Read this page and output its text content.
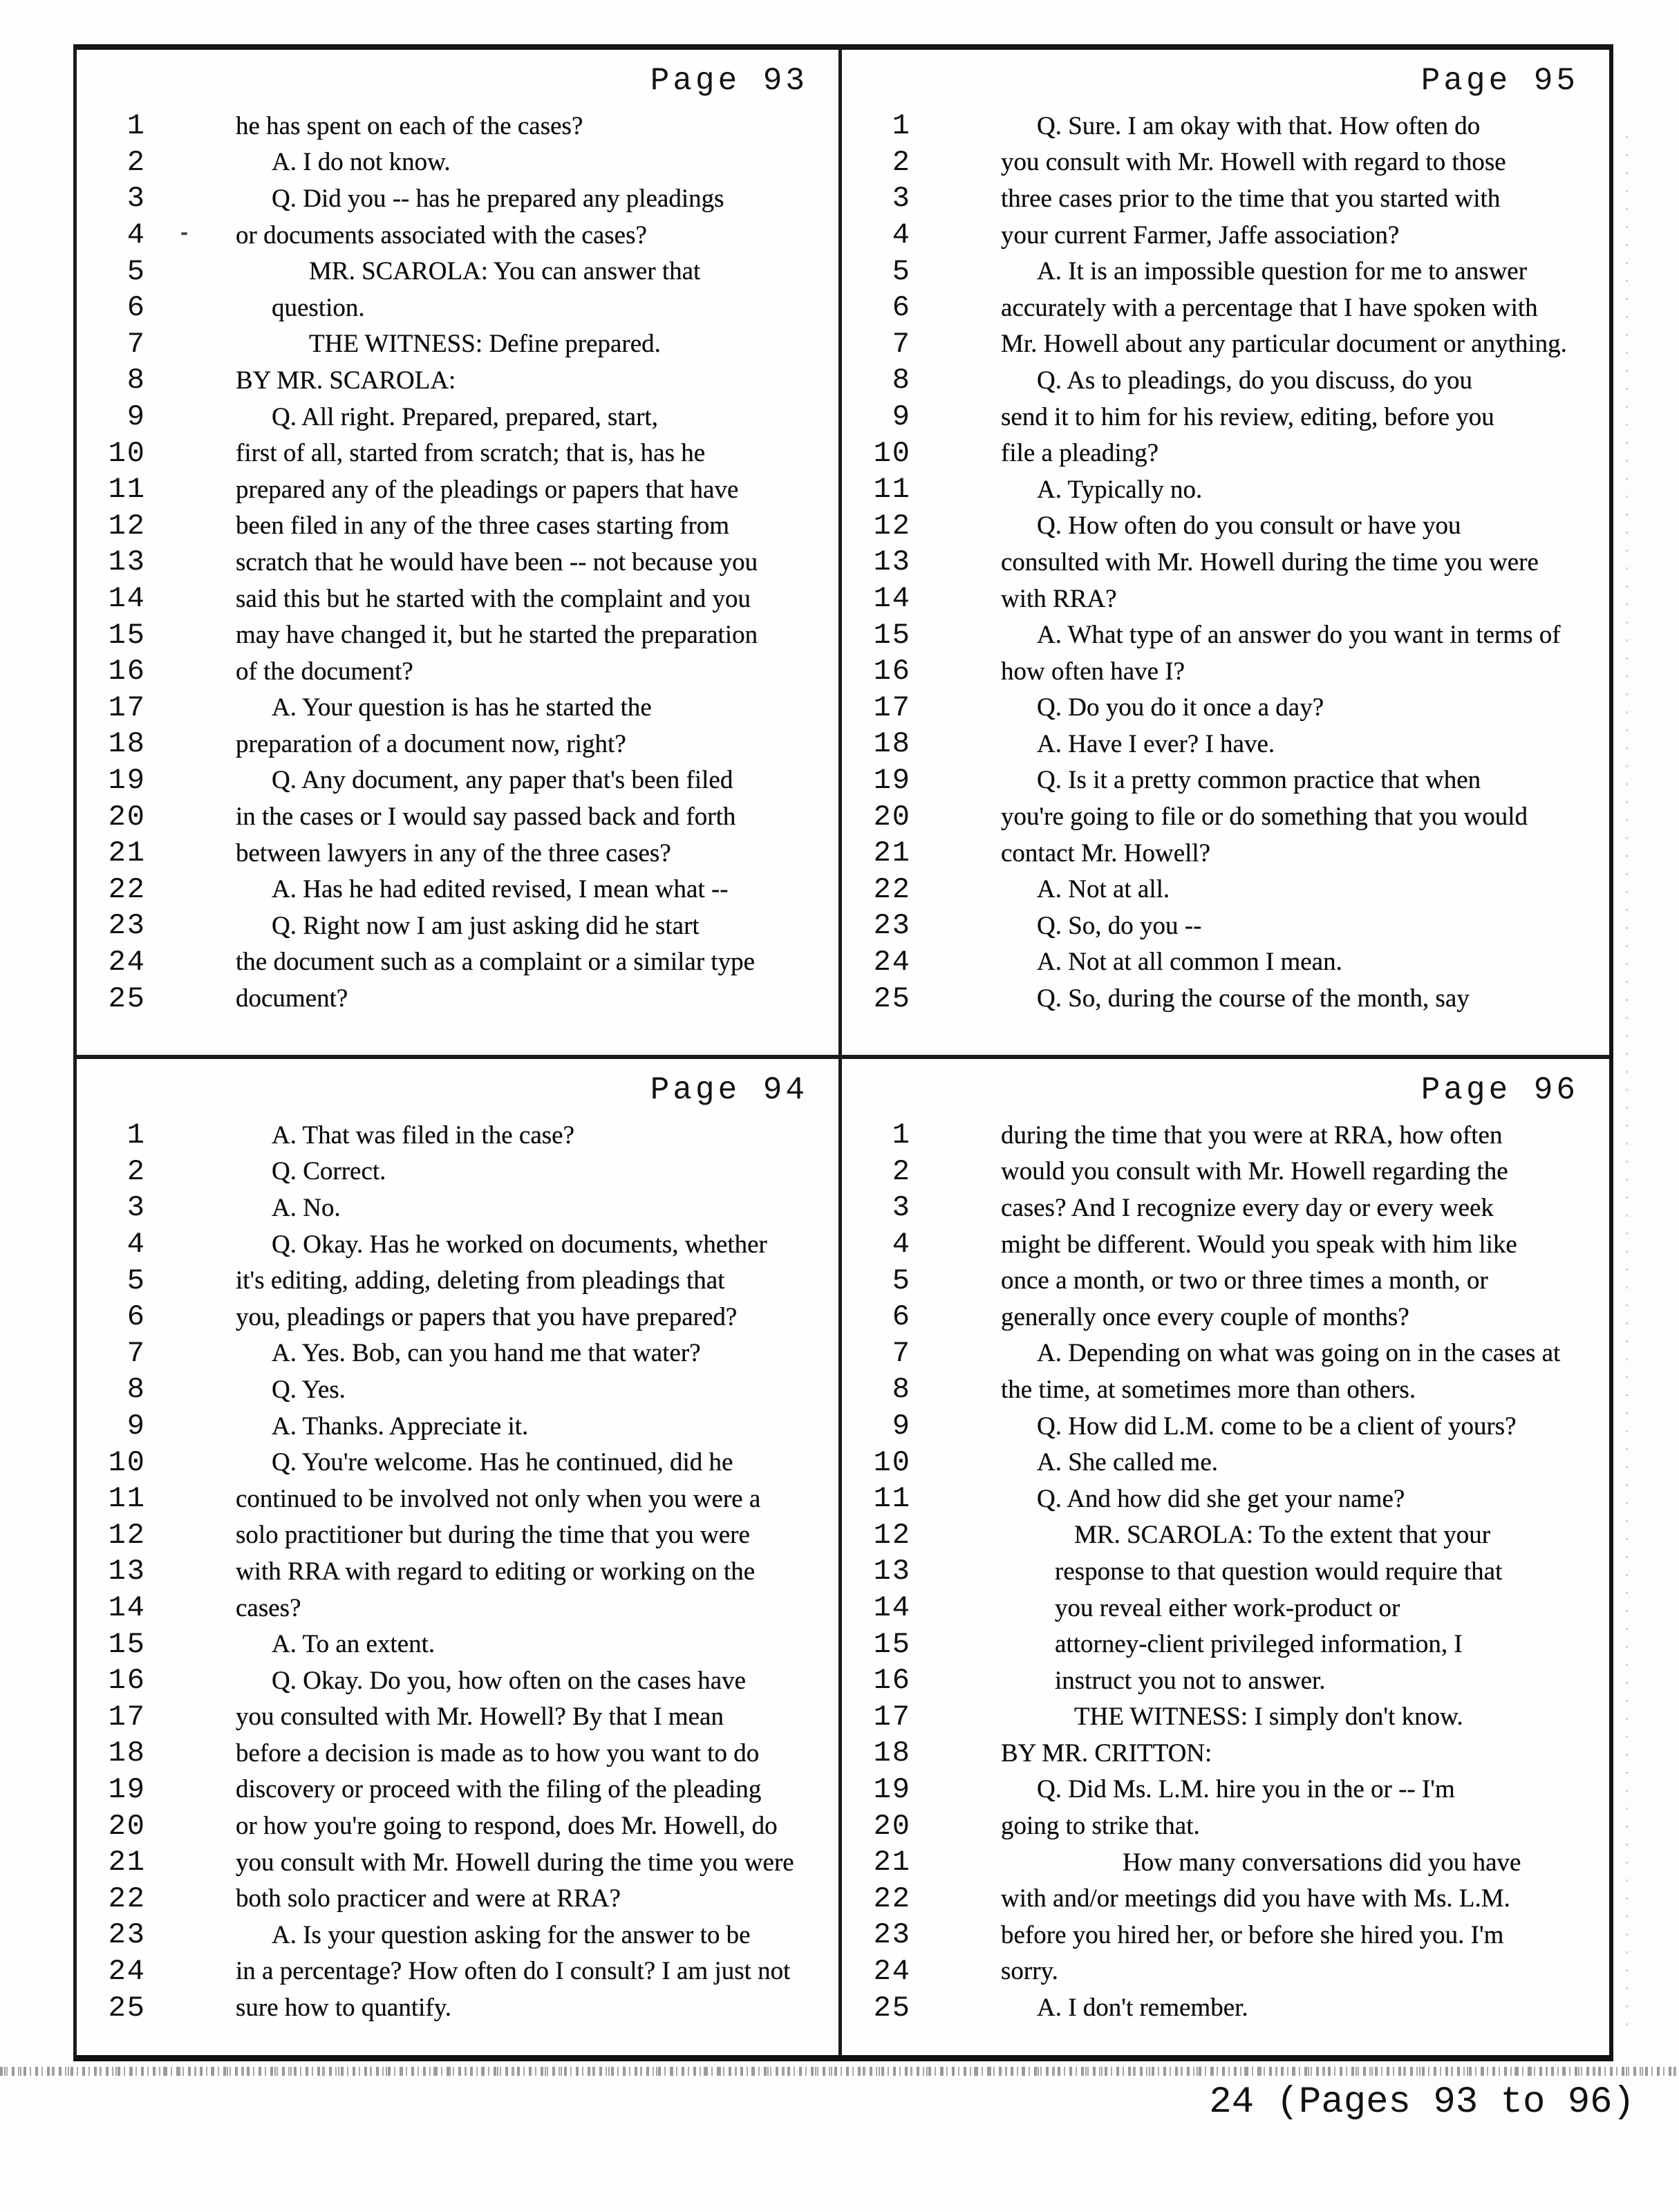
Page 93
1	he has spent on each of the cases?
2	A. I do not know.
3	Q. Did you -- has he prepared any pleadings
4	or documents associated with the cases?
5	MR. SCAROLA: You can answer that
6	question.
7	THE WITNESS: Define prepared.
8	BY MR. SCAROLA:
9	Q. All right. Prepared, prepared, start,
10	first of all, started from scratch; that is, has he
11	prepared any of the pleadings or papers that have
12	been filed in any of the three cases starting from
13	scratch that he would have been -- not because you
14	said this but he started with the complaint and you
15	may have changed it, but he started the preparation
16	of the document?
17	A. Your question is has he started the
18	preparation of a document now, right?
19	Q. Any document, any paper that's been filed
20	in the cases or I would say passed back and forth
21	between lawyers in any of the three cases?
22	A. Has he had edited revised, I mean what --
23	Q. Right now I am just asking did he start
24	the document such as a complaint or a similar type
25	document?
Page 95
1	Q. Sure. I am okay with that. How often do
2	you consult with Mr. Howell with regard to those
3	three cases prior to the time that you started with
4	your current Farmer, Jaffe association?
5	A. It is an impossible question for me to answer
6	accurately with a percentage that I have spoken with
7	Mr. Howell about any particular document or anything.
8	Q. As to pleadings, do you discuss, do you
9	send it to him for his review, editing, before you
10	file a pleading?
11	A. Typically no.
12	Q. How often do you consult or have you
13	consulted with Mr. Howell during the time you were
14	with RRA?
15	A. What type of an answer do you want in terms of
16	how often have I?
17	Q. Do you do it once a day?
18	A. Have I ever? I have.
19	Q. Is it a pretty common practice that when
20	you're going to file or do something that you would
21	contact Mr. Howell?
22	A. Not at all.
23	Q. So, do you --
24	A. Not at all common I mean.
25	Q. So, during the course of the month, say
Page 94
1	A. That was filed in the case?
2	Q. Correct.
3	A. No.
4	Q. Okay. Has he worked on documents, whether
5	it's editing, adding, deleting from pleadings that
6	you, pleadings or papers that you have prepared?
7	A. Yes. Bob, can you hand me that water?
8	Q. Yes.
9	A. Thanks. Appreciate it.
10	Q. You're welcome. Has he continued, did he
11	continued to be involved not only when you were a
12	solo practitioner but during the time that you were
13	with RRA with regard to editing or working on the
14	cases?
15	A. To an extent.
16	Q. Okay. Do you, how often on the cases have
17	you consulted with Mr. Howell? By that I mean
18	before a decision is made as to how you want to do
19	discovery or proceed with the filing of the pleading
20	or how you're going to respond, does Mr. Howell, do
21	you consult with Mr. Howell during the time you were
22	both solo practicer and were at RRA?
23	A. Is your question asking for the answer to be
24	in a percentage? How often do I consult? I am just not
25	sure how to quantify.
Page 96
1	during the time that you were at RRA, how often
2	would you consult with Mr. Howell regarding the
3	cases? And I recognize every day or every week
4	might be different. Would you speak with him like
5	once a month, or two or three times a month, or
6	generally once every couple of months?
7	A. Depending on what was going on in the cases at
8	the time, at sometimes more than others.
9	Q. How did L.M. come to be a client of yours?
10	A. She called me.
11	Q. And how did she get your name?
12	MR. SCAROLA: To the extent that your
13	response to that question would require that
14	you reveal either work-product or
15	attorney-client privileged information, I
16	instruct you not to answer.
17	THE WITNESS: I simply don't know.
18	BY MR. CRITTON:
19	Q. Did Ms. L.M. hire you in the or -- I'm
20	going to strike that.
21	How many conversations did you have
22	with and/or meetings did you have with Ms. L.M.
23	before you hired her, or before she hired you. I'm
24	sorry.
25	A. I don't remember.
24 (Pages 93 to 96)
